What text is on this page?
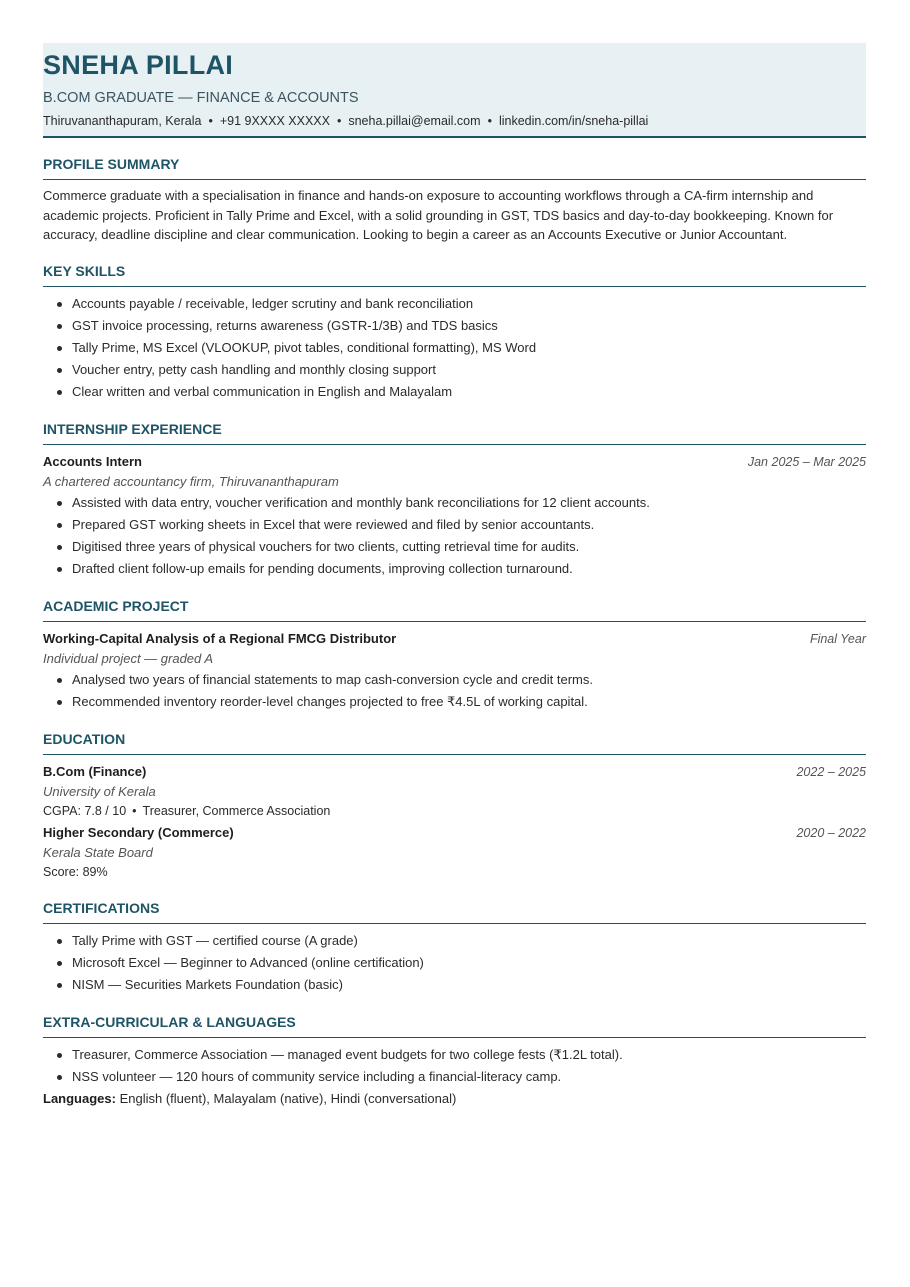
SNEHA PILLAI
B.COM GRADUATE — FINANCE & ACCOUNTS
Thiruvananthapuram, Kerala • +91 9XXXX XXXXX • sneha.pillai@email.com • linkedin.com/in/sneha-pillai
PROFILE SUMMARY
Commerce graduate with a specialisation in finance and hands-on exposure to accounting workflows through a CA-firm internship and academic projects. Proficient in Tally Prime and Excel, with a solid grounding in GST, TDS basics and day-to-day bookkeeping. Known for accuracy, deadline discipline and clear communication. Looking to begin a career as an Accounts Executive or Junior Accountant.
KEY SKILLS
Accounts payable / receivable, ledger scrutiny and bank reconciliation
GST invoice processing, returns awareness (GSTR-1/3B) and TDS basics
Tally Prime, MS Excel (VLOOKUP, pivot tables, conditional formatting), MS Word
Voucher entry, petty cash handling and monthly closing support
Clear written and verbal communication in English and Malayalam
INTERNSHIP EXPERIENCE
Accounts Intern	Jan 2025 – Mar 2025
A chartered accountancy firm, Thiruvananthapuram
Assisted with data entry, voucher verification and monthly bank reconciliations for 12 client accounts.
Prepared GST working sheets in Excel that were reviewed and filed by senior accountants.
Digitised three years of physical vouchers for two clients, cutting retrieval time for audits.
Drafted client follow-up emails for pending documents, improving collection turnaround.
ACADEMIC PROJECT
Working-Capital Analysis of a Regional FMCG Distributor	Final Year
Individual project — graded A
Analysed two years of financial statements to map cash-conversion cycle and credit terms.
Recommended inventory reorder-level changes projected to free ₹4.5L of working capital.
EDUCATION
B.Com (Finance)	2022 – 2025
University of Kerala
CGPA: 7.8 / 10 • Treasurer, Commerce Association
Higher Secondary (Commerce)	2020 – 2022
Kerala State Board
Score: 89%
CERTIFICATIONS
Tally Prime with GST — certified course (A grade)
Microsoft Excel — Beginner to Advanced (online certification)
NISM — Securities Markets Foundation (basic)
EXTRA-CURRICULAR & LANGUAGES
Treasurer, Commerce Association — managed event budgets for two college fests (₹1.2L total).
NSS volunteer — 120 hours of community service including a financial-literacy camp.
Languages: English (fluent), Malayalam (native), Hindi (conversational)
